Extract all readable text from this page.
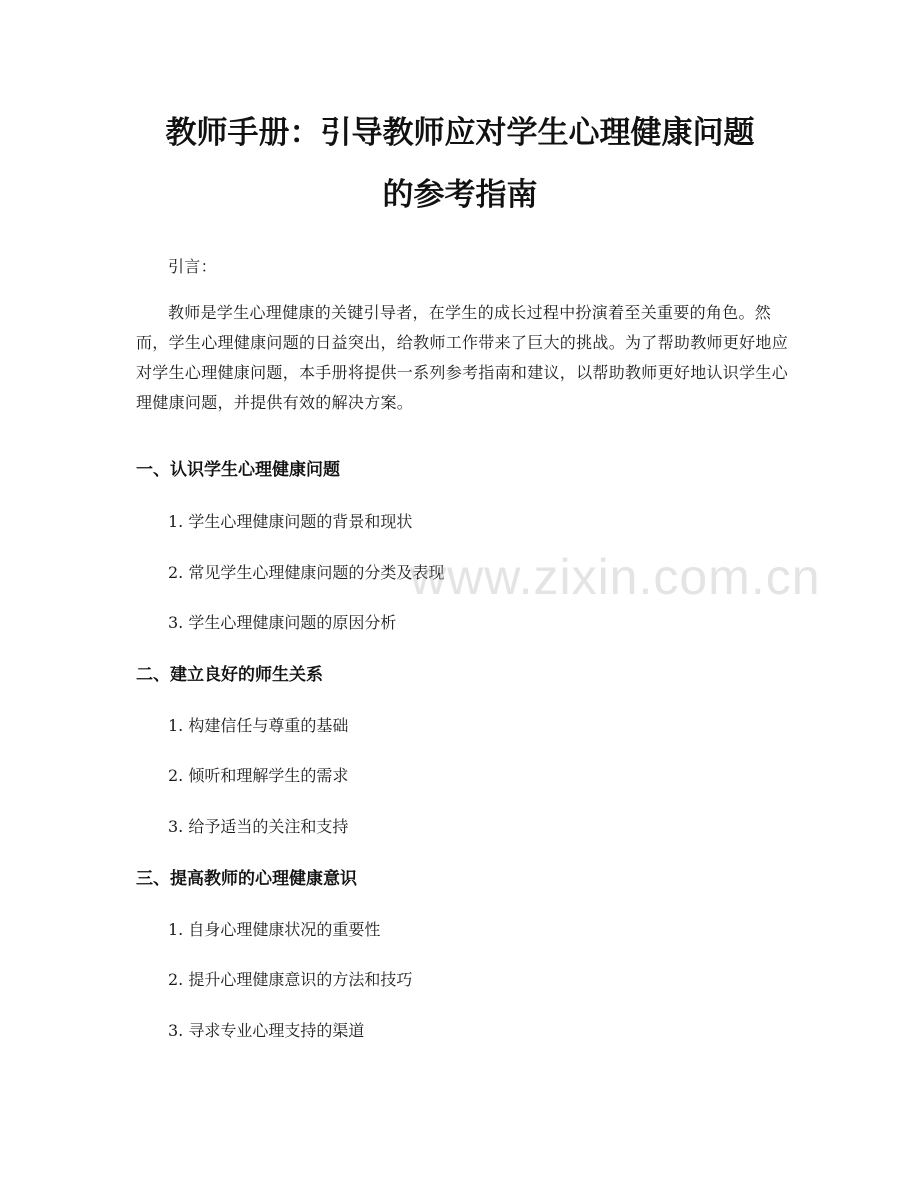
教师手册：引导教师应对学生心理健康问题
的参考指南

引言：

教师是学生心理健康的关键引导者，在学生的成长过程中扮演着至关重要的角色。然而，学生心理健康问题的日益突出，给教师工作带来了巨大的挑战。为了帮助教师更好地应对学生心理健康问题，本手册将提供一系列参考指南和建议，以帮助教师更好地认识学生心理健康问题，并提供有效的解决方案。

一、认识学生心理健康问题
1. 学生心理健康问题的背景和现状
2. 常见学生心理健康问题的分类及表现
3. 学生心理健康问题的原因分析
二、建立良好的师生关系
1. 构建信任与尊重的基础
2. 倾听和理解学生的需求
3. 给予适当的关注和支持
三、提高教师的心理健康意识
1. 自身心理健康状况的重要性
2. 提升心理健康意识的方法和技巧
3. 寻求专业心理支持的渠道
www.zixin.com.cn
